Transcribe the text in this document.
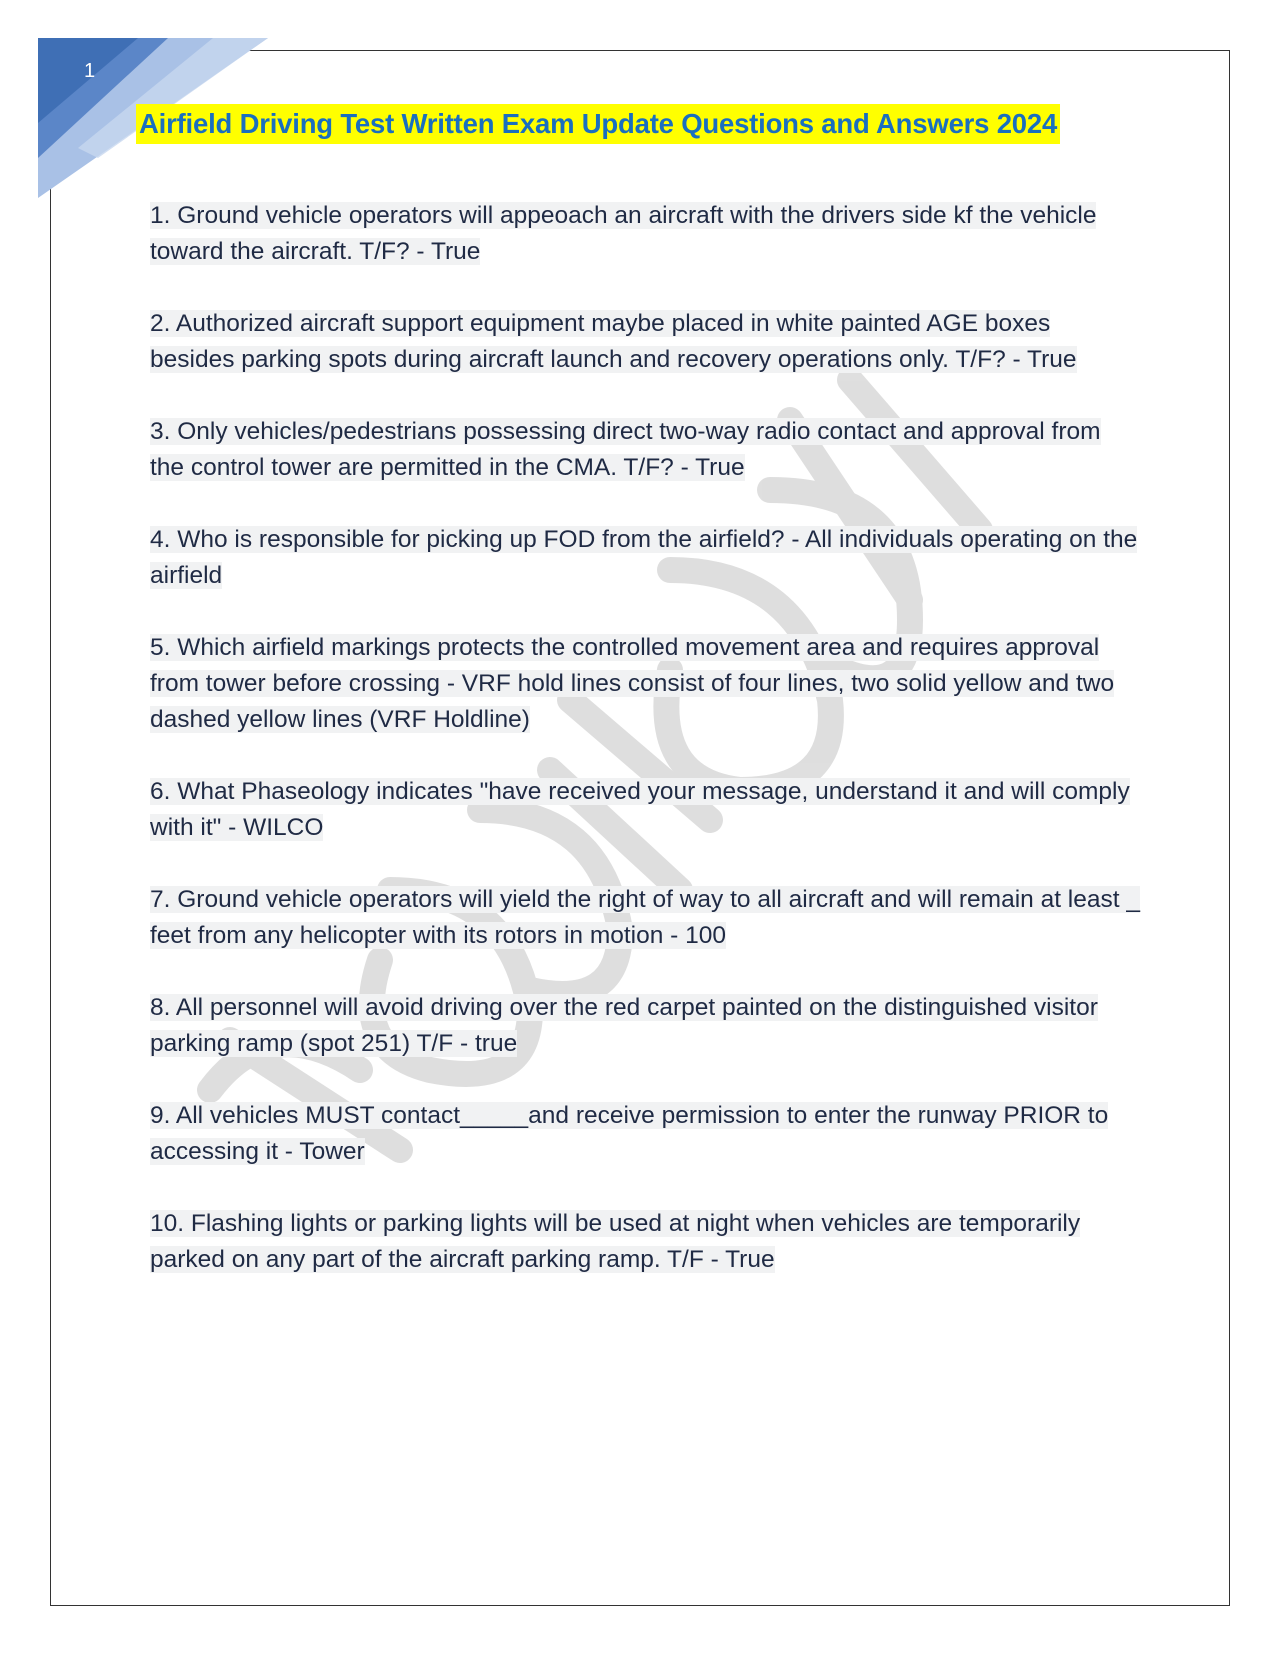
1
Airfield Driving Test Written Exam Update Questions and Answers 2024
1. Ground vehicle operators will appeoach an aircraft with the drivers side kf the vehicle toward the aircraft. T/F? - True
2. Authorized aircraft support equipment maybe placed in white painted AGE boxes besides parking spots during aircraft launch and recovery operations only. T/F? - True
3. Only vehicles/pedestrians possessing direct two-way radio contact and approval from the control tower are permitted in the CMA. T/F? - True
4. Who is responsible for picking up FOD from the airfield? - All individuals operating on the airfield
5. Which airfield markings protects the controlled movement area and requires approval from tower before crossing - VRF hold lines consist of four lines, two solid yellow and two dashed yellow lines (VRF Holdline)
6. What Phaseology indicates "have received your message, understand it and will comply with it" - WILCO
7. Ground vehicle operators will yield the right of way to all aircraft and will remain at least _ feet from any helicopter with its rotors in motion - 100
8. All personnel will avoid driving over the red carpet painted on the distinguished visitor parking ramp (spot 251) T/F - true
9. All vehicles MUST contact_____and receive permission to enter the runway PRIOR to accessing it - Tower
10. Flashing lights or parking lights will be used at night when vehicles are temporarily parked on any part of the aircraft parking ramp. T/F - True
